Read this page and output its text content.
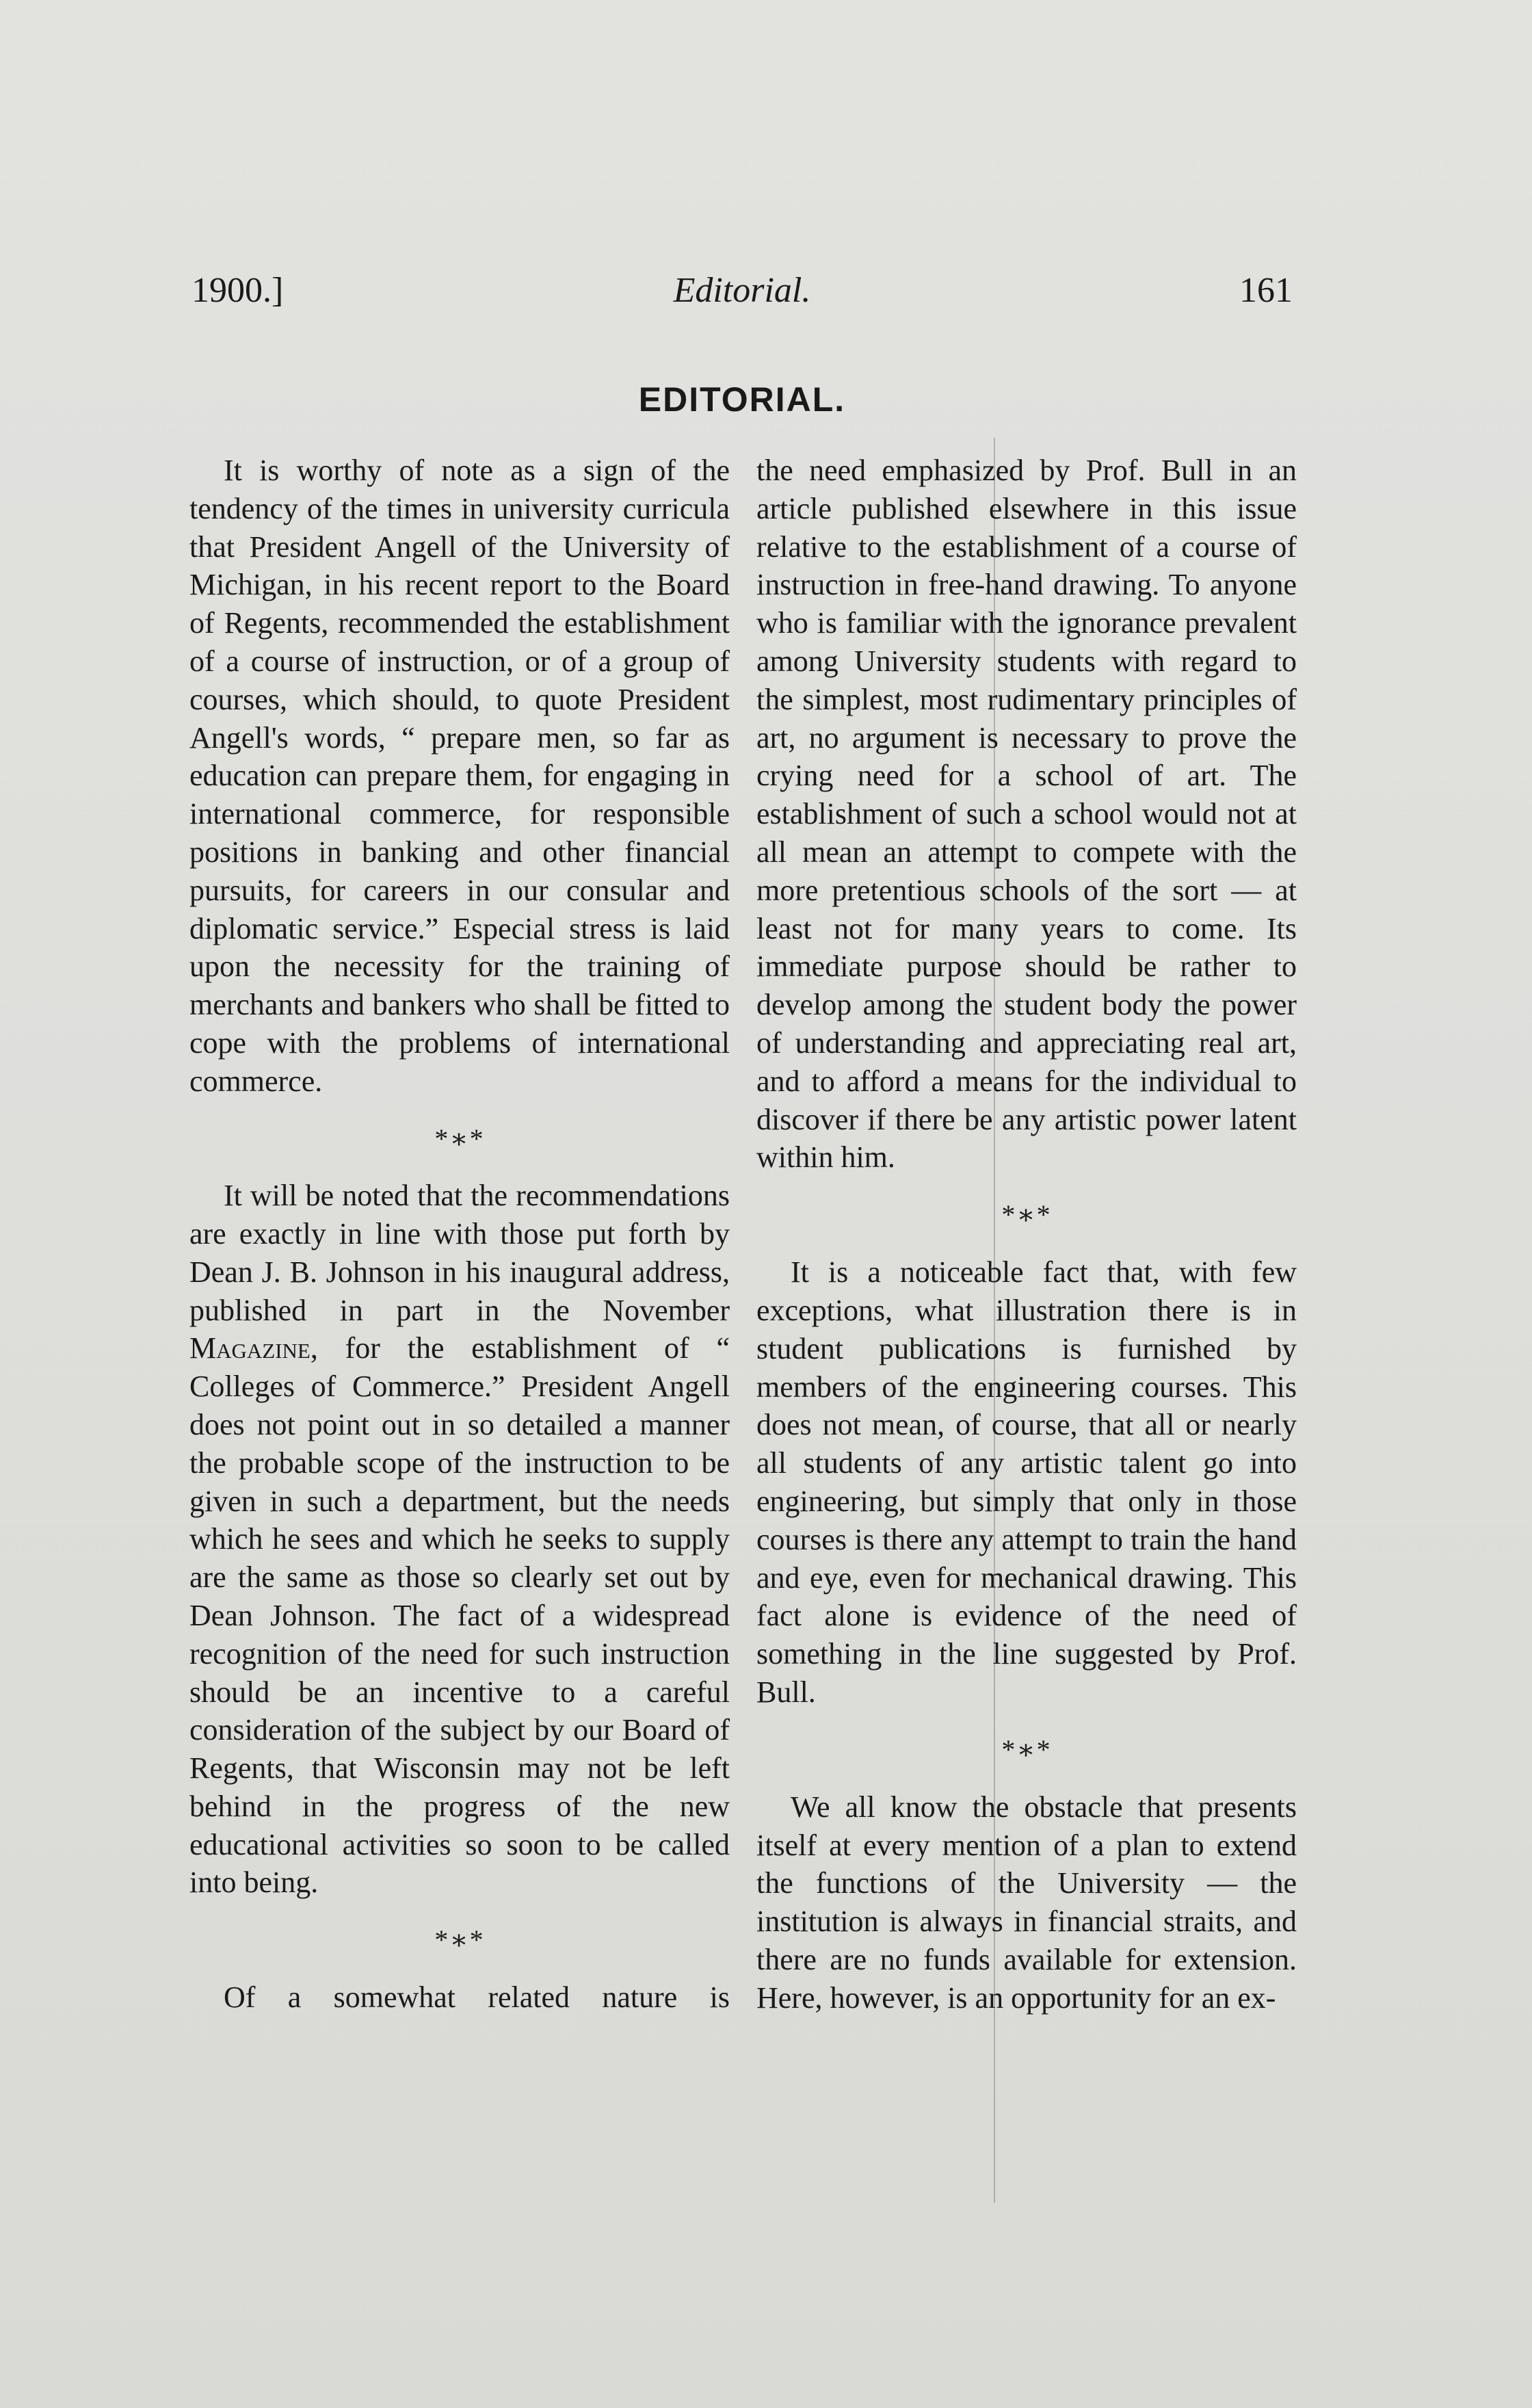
1900.]	Editorial.	161
EDITORIAL.

It is worthy of note as a sign of the tendency of the times in university curricula that President Angell of the University of Michigan, in his recent report to the Board of Regents, recommended the establishment of a course of instruction, or of a group of courses, which should, to quote President Angell's words, “ prepare men, so far as education can prepare them, for engaging in international commerce, for responsible positions in banking and other financial pursuits, for careers in our consular and diplomatic service.” Especial stress is laid upon the necessity for the training of merchants and bankers who shall be fitted to cope with the problems of international commerce.

*∗*

It will be noted that the recommendations are exactly in line with those put forth by Dean J. B. Johnson in his inaugural address, published in part in the November Magazine, for the establishment of “ Colleges of Commerce.” President Angell does not point out in so detailed a manner the probable scope of the instruction to be given in such a department, but the needs which he sees and which he seeks to supply are the same as those so clearly set out by Dean Johnson. The fact of a widespread recognition of the need for such instruction should be an incentive to a careful consideration of the subject by our Board of Regents, that Wisconsin may not be left behind in the progress of the new educational activities so soon to be called into being.

*∗*

Of a somewhat related nature is

the need emphasized by Prof. Bull in an article published elsewhere in this issue relative to the establishment of a course of instruction in free-hand drawing. To anyone who is familiar with the ignorance prevalent among University students with regard to the simplest, most rudimentary principles of art, no argument is necessary to prove the crying need for a school of art. The establishment of such a school would not at all mean an attempt to compete with the more pretentious schools of the sort — at least not for many years to come. Its immediate purpose should be rather to develop among the student body the power of understanding and appreciating real art, and to afford a means for the individual to discover if there be any artistic power latent within him.

*∗*

It is a noticeable fact that, with few exceptions, what illustration there is in student publications is furnished by members of the engineering courses. This does not mean, of course, that all or nearly all students of any artistic talent go into engineering, but simply that only in those courses is there any attempt to train the hand and eye, even for mechanical drawing. This fact alone is evidence of the need of something in the line suggested by Prof. Bull.

*∗*

We all know the obstacle that presents itself at every mention of a plan to extend the functions of the University — the institution is always in financial straits, and there are no funds available for extension. Here, however, is an opportunity for an ex-
